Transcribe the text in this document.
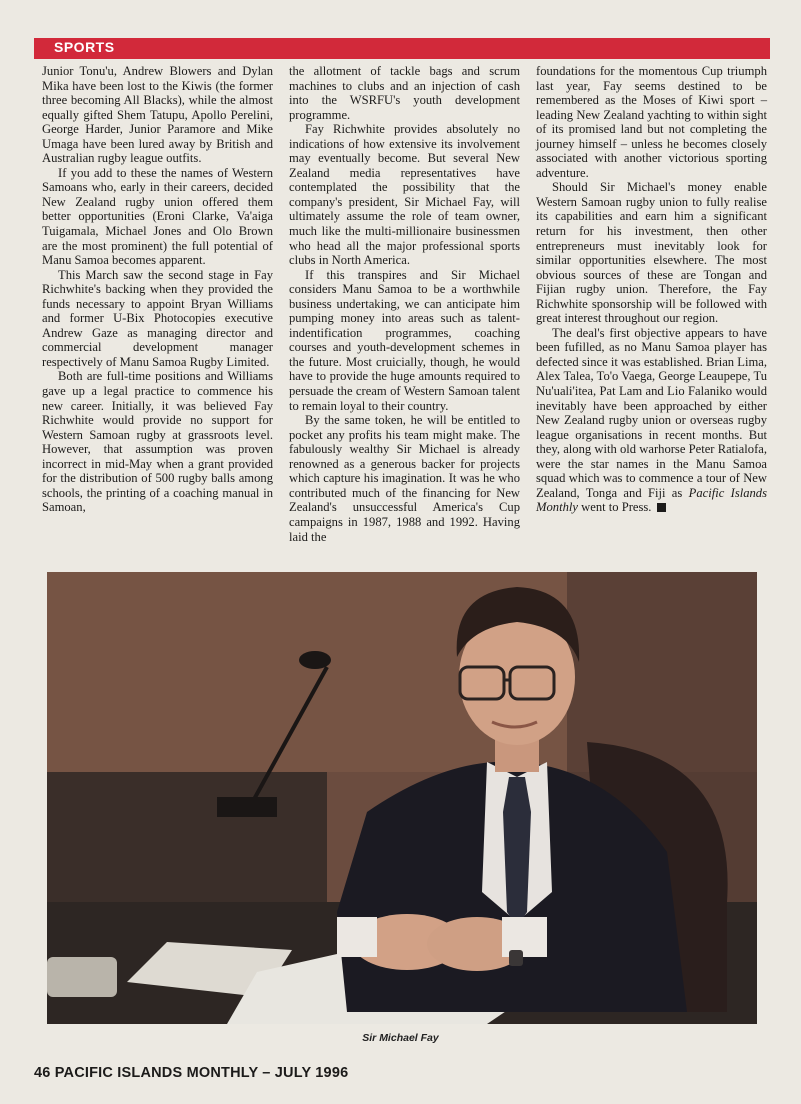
SPORTS

Junior Tonu'u, Andrew Blowers and Dylan Mika have been lost to the Kiwis (the former three becoming All Blacks), while the almost equally gifted Shem Tatupu, Apollo Perelini, George Harder, Junior Paramore and Mike Umaga have been lured away by British and Australian rugby league outfits.

If you add to these the names of Western Samoans who, early in their careers, decided New Zealand rugby union offered them better opportunities (Eroni Clarke, Va'aiga Tuigamala, Michael Jones and Olo Brown are the most prominent) the full potential of Manu Samoa becomes apparent.

This March saw the second stage in Fay Richwhite's backing when they provided the funds necessary to appoint Bryan Williams and former U-Bix Photocopies executive Andrew Gaze as managing director and commercial development manager respectively of Manu Samoa Rugby Limited.

Both are full-time positions and Williams gave up a legal practice to commence his new career. Initially, it was believed Fay Richwhite would provide no support for Western Samoan rugby at grassroots level. However, that assumption was proven incorrect in mid-May when a grant provided for the distribution of 500 rugby balls among schools, the printing of a coaching manual in Samoan,

the allotment of tackle bags and scrum machines to clubs and an injection of cash into the WSRFU's youth development programme.

Fay Richwhite provides absolutely no indications of how extensive its involvement may eventually become. But several New Zealand media representatives have contemplated the possibility that the company's president, Sir Michael Fay, will ultimately assume the role of team owner, much like the multi-millionaire businessmen who head all the major professional sports clubs in North America.

If this transpires and Sir Michael considers Manu Samoa to be a worthwhile business undertaking, we can anticipate him pumping money into areas such as talent-indentification programmes, coaching courses and youth-development schemes in the future. Most cruicially, though, he would have to provide the huge amounts required to persuade the cream of Western Samoan talent to remain loyal to their country.

By the same token, he will be entitled to pocket any profits his team might make. The fabulously wealthy Sir Michael is already renowned as a generous backer for projects which capture his imagination. It was he who contributed much of the financing for New Zealand's unsuccessful America's Cup campaigns in 1987, 1988 and 1992. Having laid the

foundations for the momentous Cup triumph last year, Fay seems destined to be remembered as the Moses of Kiwi sport – leading New Zealand yachting to within sight of its promised land but not completing the journey himself – unless he becomes closely associated with another victorious sporting adventure.

Should Sir Michael's money enable Western Samoan rugby union to fully realise its capabilities and earn him a significant return for his investment, then other entrepreneurs must inevitably look for similar opportunities elsewhere. The most obvious sources of these are Tongan and Fijian rugby union. Therefore, the Fay Richwhite sponsorship will be followed with great interest throughout our region.

The deal's first objective appears to have been fufilled, as no Manu Samoa player has defected since it was established. Brian Lima, Alex Talea, To'o Vaega, George Leaupepe, Tu Nu'uali'itea, Pat Lam and Lio Falaniko would inevitably have been approached by either New Zealand rugby union or overseas rugby league organisations in recent months. But they, along with old warhorse Peter Ratialofa, were the star names in the Manu Samoa squad which was to commence a tour of New Zealand, Tonga and Fiji as Pacific Islands Monthly went to Press.

Sir Michael Fay
46 PACIFIC ISLANDS MONTHLY – JULY 1996
